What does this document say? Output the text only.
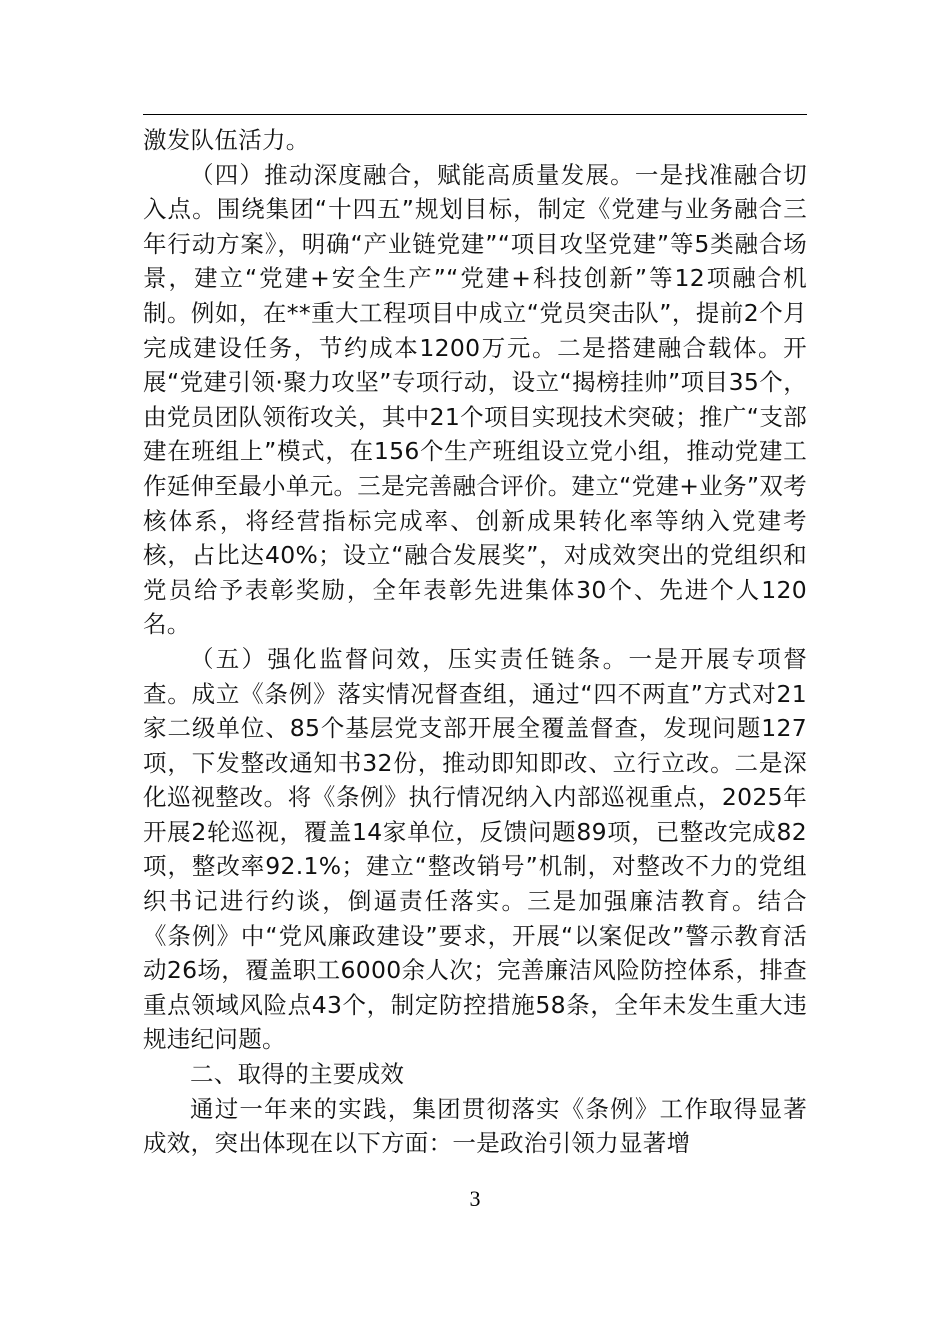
激发队伍活力。

（四）推动深度融合，赋能高质量发展。一是找准融合切入点。围绕集团“十四五”规划目标，制定《党建与业务融合三年行动方案》，明确“产业链党建”“项目攻坚党建”等5类融合场景，建立“党建+安全生产”“党建+科技创新”等12项融合机制。例如，在**重大工程项目中成立“党员突击队”，提前2个月完成建设任务，节约成本1200万元。二是搭建融合载体。开展“党建引领·聚力攻坚”专项行动，设立“揭榜挂帅”项目35个，由党员团队领衔攻关，其中21个项目实现技术突破；推广“支部建在班组上”模式，在156个生产班组设立党小组，推动党建工作延伸至最小单元。三是完善融合评价。建立“党建+业务”双考核体系，将经营指标完成率、创新成果转化率等纳入党建考核，占比达40%；设立“融合发展奖”，对成效突出的党组织和党员给予表彰奖励，全年表彰先进集体30个、先进个人120名。

（五）强化监督问效，压实责任链条。一是开展专项督查。成立《条例》落实情况督查组，通过“四不两直”方式对21家二级单位、85个基层党支部开展全覆盖督查，发现问题127项，下发整改通知书32份，推动即知即改、立行立改。二是深化巡视整改。将《条例》执行情况纳入内部巡视重点，2025年开展2轮巡视，覆盖14家单位，反馈问题89项，已整改完成82项，整改率92.1%；建立“整改销号”机制，对整改不力的党组织书记进行约谈，倒逼责任落实。三是加强廉洁教育。结合《条例》中“党风廉政建设”要求，开展“以案促改”警示教育活动26场，覆盖职工6000余人次；完善廉洁风险防控体系，排查重点领域风险点43个，制定防控措施58条，全年未发生重大违规违纪问题。

二、取得的主要成效

通过一年来的实践，集团贯彻落实《条例》工作取得显著成效，突出体现在以下方面：一是政治引领力显著增

3
